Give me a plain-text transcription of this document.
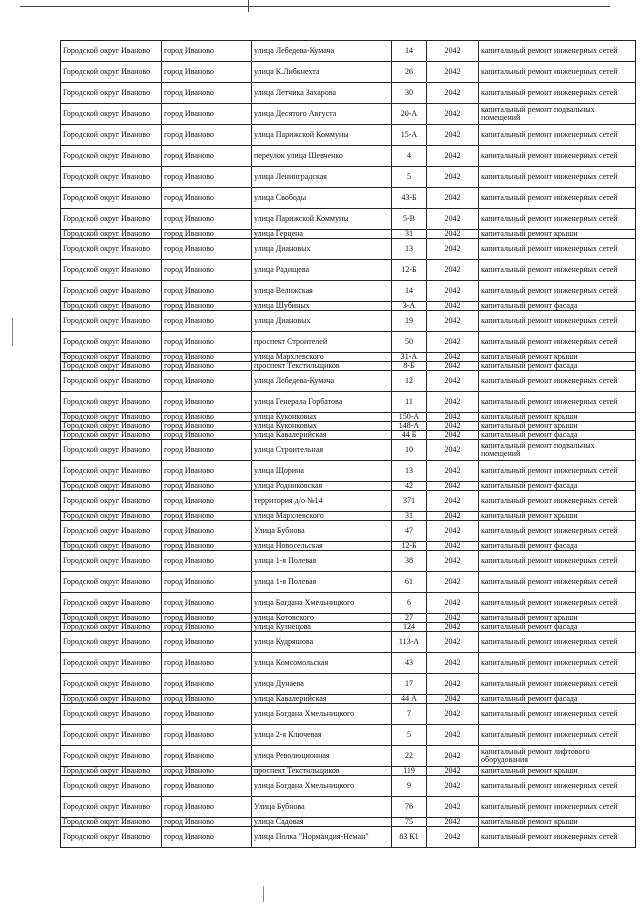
Городской округ Иваново	город Иваново	улица Лебедева-Кумача	14	2042	капитальный ремонт инженерных сетей
Городской округ Иваново	город Иваново	улица К.Либкнехта	26	2042	капитальный ремонт инженерных сетей
Городской округ Иваново	город Иваново	улица Летчика Захарова	30	2042	капитальный ремонт инженерных сетей
Городской округ Иваново	город Иваново	улица Десятого Августа	20-А	2042	капитальный ремонт подвальных помещений
Городской округ Иваново	город Иваново	улица Парижской Коммуны	15-А	2042	капитальный ремонт инженерных сетей
Городской округ Иваново	город Иваново	переулок улица Шевченко	4	2042	капитальный ремонт инженерных сетей
Городской округ Иваново	город Иваново	улица Ленинградская	5	2042	капитальный ремонт инженерных сетей
Городской округ Иваново	город Иваново	улица Свободы	43-Б	2042	капитальный ремонт инженерных сетей
Городской округ Иваново	город Иваново	улица Парижской Коммуны	5-В	2042	капитальный ремонт инженерных сетей
Городской округ Иваново	город Иваново	улица Герцена	31	2042	капитальный ремонт крыши
Городской округ Иваново	город Иваново	улица Диановых	13	2042	капитальный ремонт инженерных сетей
Городской округ Иваново	город Иваново	улица Радищева	12-Б	2042	капитальный ремонт инженерных сетей
Городской округ Иваново	город Иваново	улица Велижская	14	2042	капитальный ремонт инженерных сетей
Городской округ Иваново	город Иваново	улица Шубиных	3-А	2042	капитальный ремонт фасада
Городской округ Иваново	город Иваново	улица Диановых	19	2042	капитальный ремонт инженерных сетей
Городской округ Иваново	город Иваново	проспект Строителей	50	2042	капитальный ремонт инженерных сетей
Городской округ Иваново	город Иваново	улица Мархлевского	31-А	2042	капитальный ремонт крыши
Городской округ Иваново	город Иваново	проспект Текстильщиков	8-Б	2042	капитальный ремонт фасада
Городской округ Иваново	город Иваново	улица Лебедева-Кумача	12	2042	капитальный ремонт инженерных сетей
Городской округ Иваново	город Иваново	улица Генерала Горбатова	11	2042	капитальный ремонт инженерных сетей
Городской округ Иваново	город Иваново	улица Куконковых	150-А	2042	капитальный ремонт крыши
Городской округ Иваново	город Иваново	улица Куконковых	148-А	2042	капитальный ремонт крыши
Городской округ Иваново	город Иваново	улица Кавалерийская	44 Б	2042	капитальный ремонт фасада
Городской округ Иваново	город Иваново	улица Строительная	10	2042	капитальный ремонт подвальных помещений
Городской округ Иваново	город Иваново	улица Щорина	13	2042	капитальный ремонт инженерных сетей
Городской округ Иваново	город Иваново	улица Родниковская	42	2042	капитальный ремонт фасада
Городской округ Иваново	город Иваново	территория д/о №14	371	2042	капитальный ремонт инженерных сетей
Городской округ Иваново	город Иваново	улица Мархлевского	31	2042	капитальный ремонт крыши
Городской округ Иваново	город Иваново	Улица Бубнова	47	2042	капитальный ремонт инженерных сетей
Городской округ Иваново	город Иваново	улица Новосельская	12-Б	2042	капитальный ремонт фасада
Городской округ Иваново	город Иваново	улица 1-я Полевая	38	2042	капитальный ремонт инженерных сетей
Городской округ Иваново	город Иваново	улица 1-я Полевая	61	2042	капитальный ремонт инженерных сетей
Городской округ Иваново	город Иваново	улица Богдана Хмельницкого	6	2042	капитальный ремонт инженерных сетей
Городской округ Иваново	город Иваново	улица Котовского	27	2042	капитальный ремонт крыши
Городской округ Иваново	город Иваново	улица Кузнецова	124	2042	капитальный ремонт фасада
Городской округ Иваново	город Иваново	улица Кудряшова	113-А	2042	капитальный ремонт инженерных сетей
Городской округ Иваново	город Иваново	улица Комсомольская	43	2042	капитальный ремонт инженерных сетей
Городской округ Иваново	город Иваново	улица Дунаева	17	2042	капитальный ремонт инженерных сетей
Городской округ Иваново	город Иваново	улица Кавалерийская	44 А	2042	капитальный ремонт фасада
Городской округ Иваново	город Иваново	улица Богдана Хмельницкого	7	2042	капитальный ремонт инженерных сетей
Городской округ Иваново	город Иваново	улица 2-я Ключевая	5	2042	капитальный ремонт инженерных сетей
Городской округ Иваново	город Иваново	улица Революционная	22	2042	капитальный ремонт лифтового оборудования
Городской округ Иваново	город Иваново	проспект Текстильщиков	119	2042	капитальный ремонт крыши
Городской округ Иваново	город Иваново	улица Богдана Хмельницкого	9	2042	капитальный ремонт инженерных сетей
Городской округ Иваново	город Иваново	Улица Бубнова	76	2042	капитальный ремонт инженерных сетей
Городской округ Иваново	город Иваново	улица Садовая	75	2042	капитальный ремонт крыши
Городской округ Иваново	город Иваново	улица Полка "Нормандия-Неман"	83 К1	2042	капитальный ремонт инженерных сетей
